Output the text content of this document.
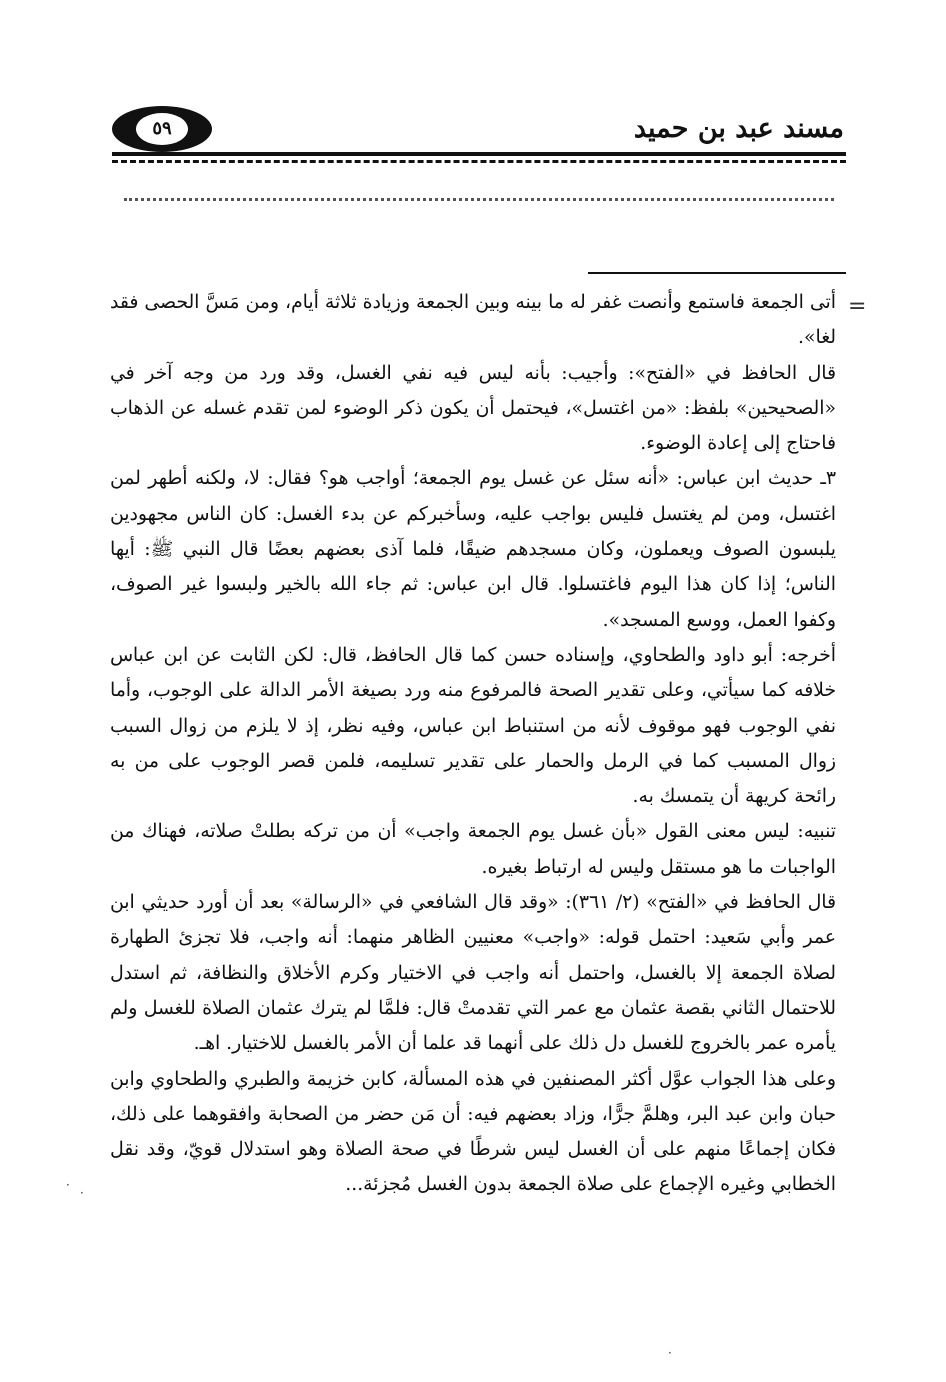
٥٩	مسند عبد بن حميد
=

أتى الجمعة فاستمع وأنصت غفر له ما بينه وبين الجمعة وزيادة ثلاثة أيام، ومن مَسَّ الحصى فقد لغا».

قال الحافظ في «الفتح»: وأجيب: بأنه ليس فيه نفي الغسل، وقد ورد من وجه آخر في «الصحيحين» بلفظ: «من اغتسل»، فيحتمل أن يكون ذكر الوضوء لمن تقدم غسله عن الذهاب فاحتاج إلى إعادة الوضوء.

٣ـ حديث ابن عباس: «أنه سئل عن غسل يوم الجمعة؛ أواجب هو؟ فقال: لا، ولكنه أطهر لمن اغتسل، ومن لم يغتسل فليس بواجب عليه، وسأخبركم عن بدء الغسل: كان الناس مجهودين يلبسون الصوف ويعملون، وكان مسجدهم ضيقًا، فلما آذى بعضهم بعضًا قال النبي ﷺ: أيها الناس؛ إذا كان هذا اليوم فاغتسلوا. قال ابن عباس: ثم جاء الله بالخير ولبسوا غير الصوف، وكفوا العمل، ووسع المسجد».

أخرجه: أبو داود والطحاوي، وإسناده حسن كما قال الحافظ، قال: لكن الثابت عن ابن عباس خلافه كما سيأتي، وعلى تقدير الصحة فالمرفوع منه ورد بصيغة الأمر الدالة على الوجوب، وأما نفي الوجوب فهو موقوف لأنه من استنباط ابن عباس، وفيه نظر، إذ لا يلزم من زوال السبب زوال المسبب كما في الرمل والحمار على تقدير تسليمه، فلمن قصر الوجوب على من به رائحة كريهة أن يتمسك به.

تنبيه: ليس معنى القول «بأن غسل يوم الجمعة واجب» أن من تركه بطلتْ صلاته، فهناك من الواجبات ما هو مستقل وليس له ارتباط بغيره.

قال الحافظ في «الفتح» (٢/ ٣٦١): «وقد قال الشافعي في «الرسالة» بعد أن أورد حديثي ابن عمر وأبي سَعيد: احتمل قوله: «واجب» معنيين الظاهر منهما: أنه واجب، فلا تجزئ الطهارة لصلاة الجمعة إلا بالغسل، واحتمل أنه واجب في الاختيار وكرم الأخلاق والنظافة، ثم استدل للاحتمال الثاني بقصة عثمان مع عمر التي تقدمتْ قال: فلمَّا لم يترك عثمان الصلاة للغسل ولم يأمره عمر بالخروج للغسل دل ذلك على أنهما قد علما أن الأمر بالغسل للاختيار. اهـ.

وعلى هذا الجواب عوَّل أكثر المصنفين في هذه المسألة، كابن خزيمة والطبري والطحاوي وابن حبان وابن عبد البر، وهلمَّ جرًّا، وزاد بعضهم فيه: أن مَن حضر من الصحابة وافقوهما على ذلك، فكان إجماعًا منهم على أن الغسل ليس شرطًا في صحة الصلاة وهو استدلال قويّ، وقد نقل الخطابي وغيره الإجماع على صلاة الجمعة بدون الغسل مُجزئة...

·
·
·
